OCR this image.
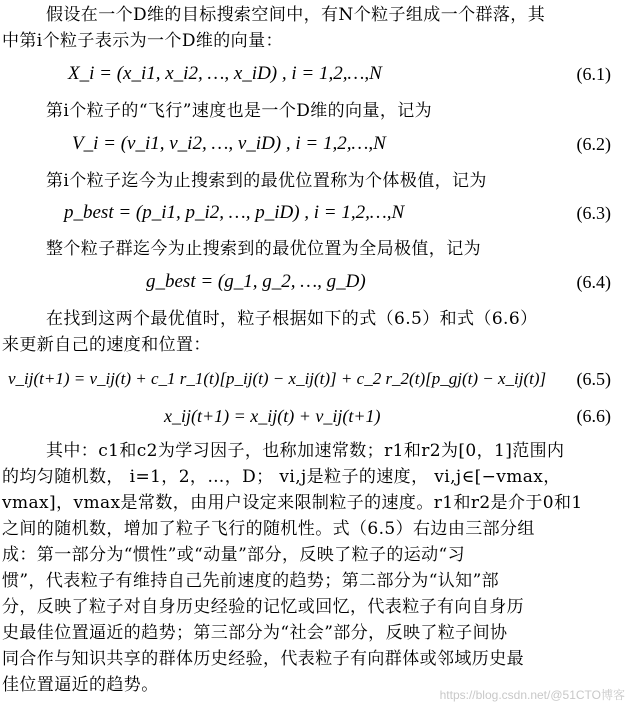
假设在一个D维的目标搜索空间中，有N个粒子组成一个群落，其
中第i个粒子表示为一个D维的向量：
X_i = (x_i1, x_i2, …, x_iD) , i = 1,2,…,N	(6.1)
第i个粒子的“飞行”速度也是一个D维的向量，记为
V_i = (v_i1, v_i2, …, v_iD) , i = 1,2,…,N	(6.2)
第i个粒子迄今为止搜索到的最优位置称为个体极值，记为
p_best = (p_i1, p_i2, …, p_iD) , i = 1,2,…,N	(6.3)
整个粒子群迄今为止搜索到的最优位置为全局极值，记为
g_best = (g_1, g_2, …, g_D)	(6.4)
在找到这两个最优值时，粒子根据如下的式（6.5）和式（6.6）
来更新自己的速度和位置：
v_ij(t+1) = v_ij(t) + c_1 r_1(t)[p_ij(t) − x_ij(t)] + c_2 r_2(t)[p_gj(t) − x_ij(t)] (6.5)
x_ij(t+1) = x_ij(t) + v_ij(t+1)	(6.6)
其中：c1和c2为学习因子，也称加速常数；r1和r2为[0，1]范围内
的均匀随机数， i=1，2，…，D； vi,j是粒子的速度， vi,j∈[−vmax，
vmax]，vmax是常数，由用户设定来限制粒子的速度。r1和r2是介于0和1
之间的随机数，增加了粒子飞行的随机性。式（6.5）右边由三部分组
成：第一部分为“惯性”或“动量”部分，反映了粒子的运动“习
惯”，代表粒子有维持自己先前速度的趋势；第二部分为“认知”部
分，反映了粒子对自身历史经验的记忆或回忆，代表粒子有向自身历
史最佳位置逼近的趋势；第三部分为“社会”部分，反映了粒子间协
同合作与知识共享的群体历史经验，代表粒子有向群体或邻域历史最
佳位置逼近的趋势。	https://blog.csdn.net/@51CTO博客
